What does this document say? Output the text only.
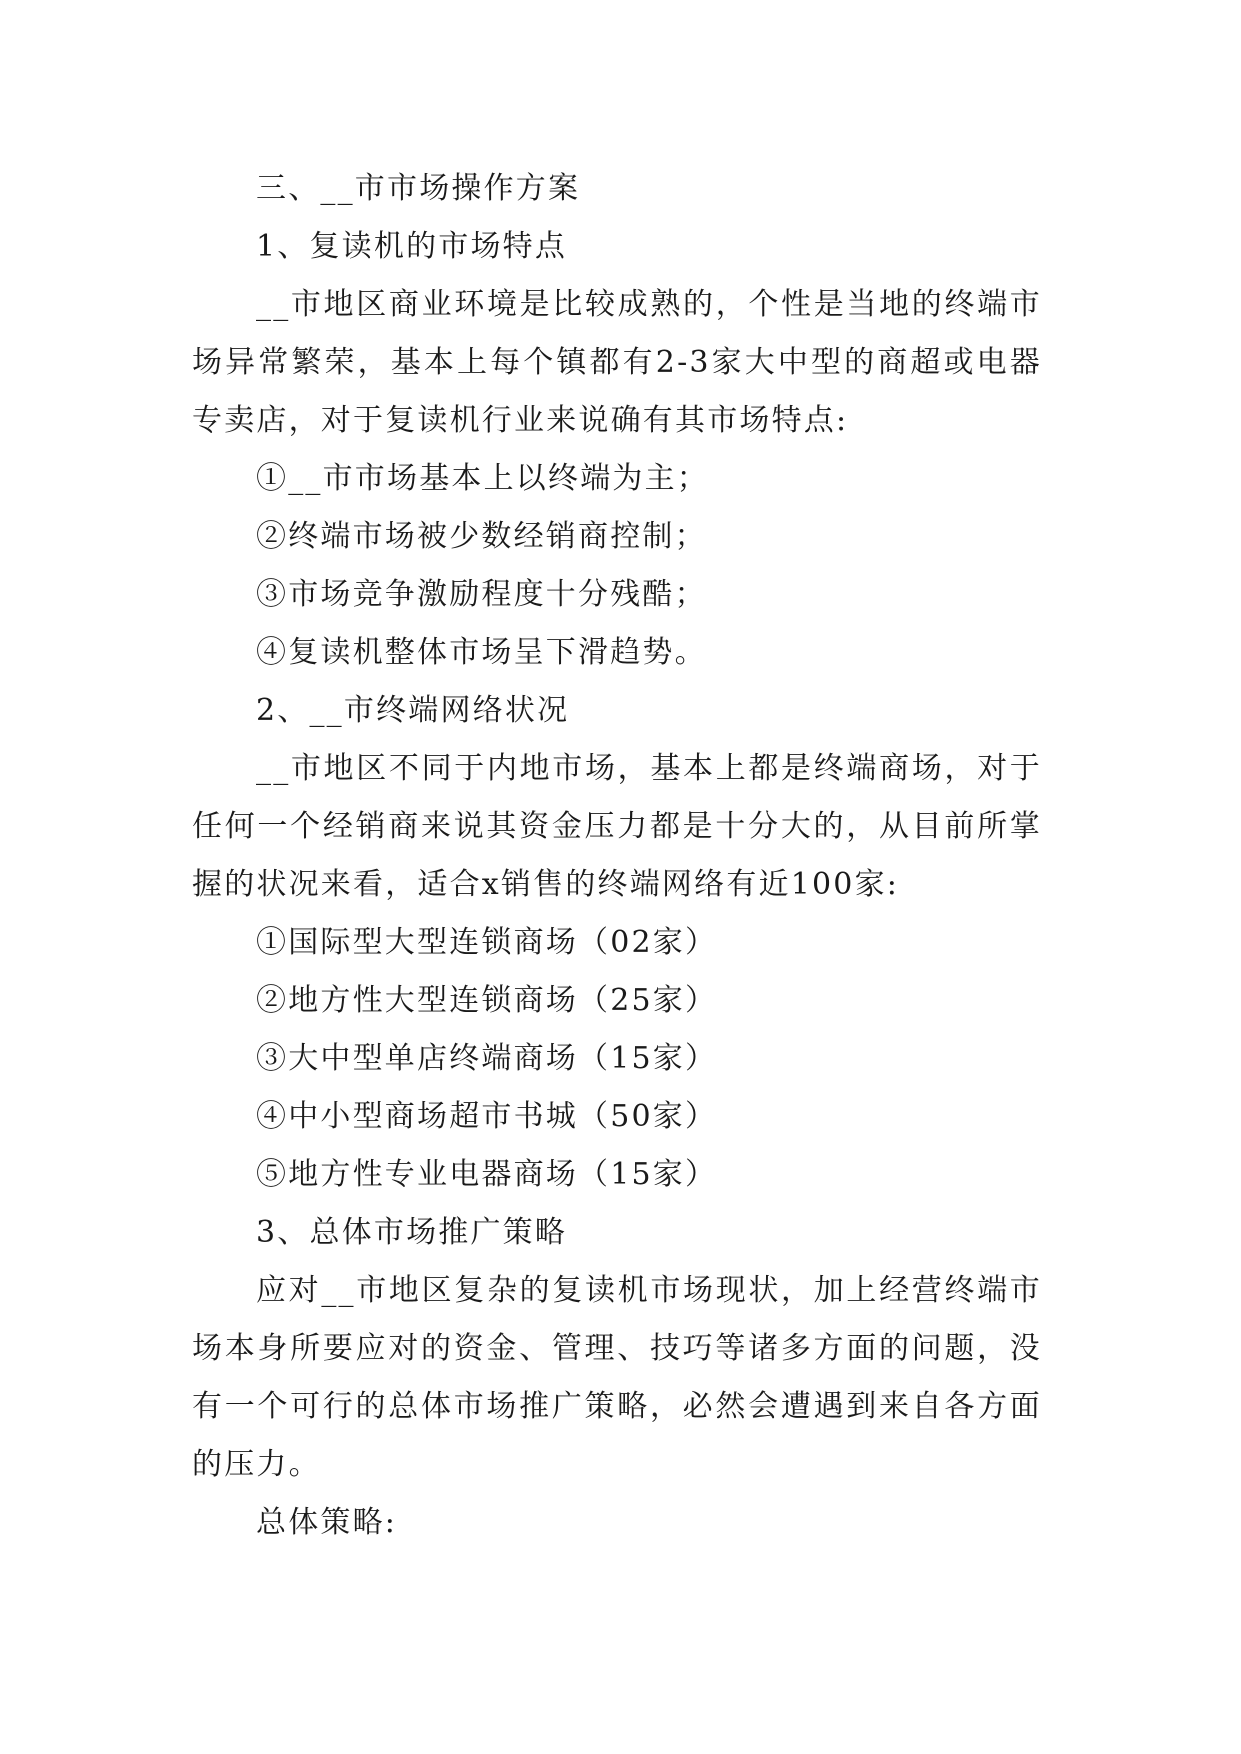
三、__市市场操作方案

1、复读机的市场特点

__市地区商业环境是比较成熟的，个性是当地的终端市场异常繁荣，基本上每个镇都有2-3家大中型的商超或电器专卖店，对于复读机行业来说确有其市场特点:

①__市市场基本上以终端为主；

②终端市场被少数经销商控制；

③市场竞争激励程度十分残酷；

④复读机整体市场呈下滑趋势。

2、__市终端网络状况

__市地区不同于内地市场，基本上都是终端商场，对于任何一个经销商来说其资金压力都是十分大的，从目前所掌握的状况来看，适合x销售的终端网络有近100家:

①国际型大型连锁商场（02家）

②地方性大型连锁商场（25家）

③大中型单店终端商场（15家）

④中小型商场超市书城（50家）

⑤地方性专业电器商场（15家）

3、总体市场推广策略

应对__市地区复杂的复读机市场现状，加上经营终端市场本身所要应对的资金、管理、技巧等诸多方面的问题，没有一个可行的总体市场推广策略，必然会遭遇到来自各方面的压力。

总体策略:
